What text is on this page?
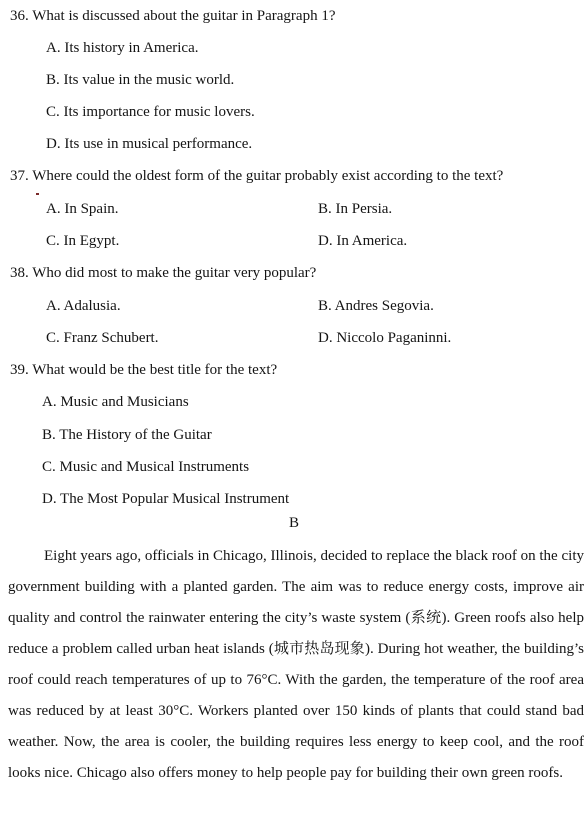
36. What is discussed about the guitar in Paragraph 1?
A. Its history in America.
B. Its value in the music world.
C. Its importance for music lovers.
D. Its use in musical performance.
37. Where could the oldest form of the guitar probably exist according to the text?
A. In Spain.	B. In Persia.
C. In Egypt.	D. In America.
38. Who did most to make the guitar very popular?
A. Adalusia.	B. Andres Segovia.
C. Franz Schubert.	D. Niccolo Paganinni.
39. What would be the best title for the text?
A. Music and Musicians
B. The History of the Guitar
C. Music and Musical Instruments
D. The Most Popular Musical Instrument
B

Eight years ago, officials in Chicago, Illinois, decided to replace the black roof on the city government building with a planted garden. The aim was to reduce energy costs, improve air quality and control the rainwater entering the city’s waste system (系统). Green roofs also help reduce a problem called urban heat islands (城市热岛现象). During hot weather, the building’s roof could reach temperatures of up to 76°C. With the garden, the temperature of the roof area was reduced by at least 30°C. Workers planted over 150 kinds of plants that could stand bad weather. Now, the area is cooler, the building requires less energy to keep cool, and the roof looks nice. Chicago also offers money to help people pay for building their own green roofs.
